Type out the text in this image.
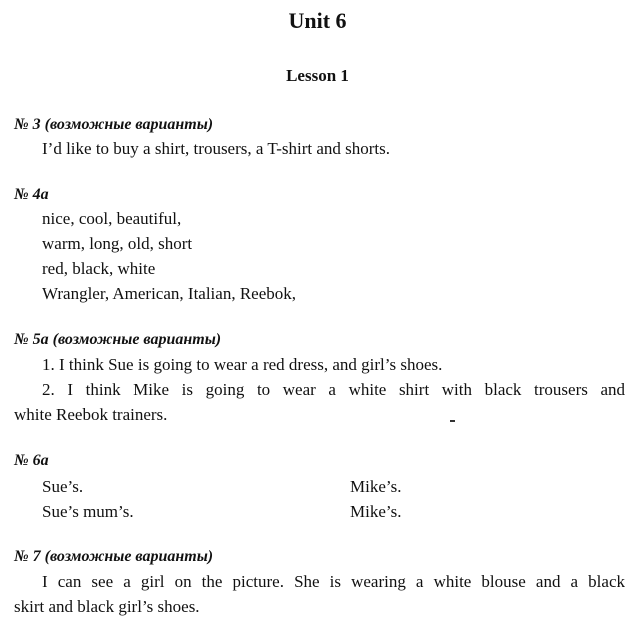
Unit 6
Lesson 1
№ 3 (возможные варианты)
I’d like to buy a shirt, trousers, a T-shirt and shorts.
№ 4a
nice, cool, beautiful,
warm, long, old, short
red, black, white
Wrangler, American, Italian, Reebok,
№ 5a (возможные варианты)
1. I think Sue is going to wear a red dress, and girl’s shoes.
2. I think Mike is going to wear a white shirt with black trousers and
white Reebok trainers.
№ 6a
Sue’s.	Mike’s.
Sue’s mum’s.	Mike’s.
№ 7 (возможные варианты)
I can see a girl on the picture. She is wearing a white blouse and a black
skirt and black girl’s shoes.
